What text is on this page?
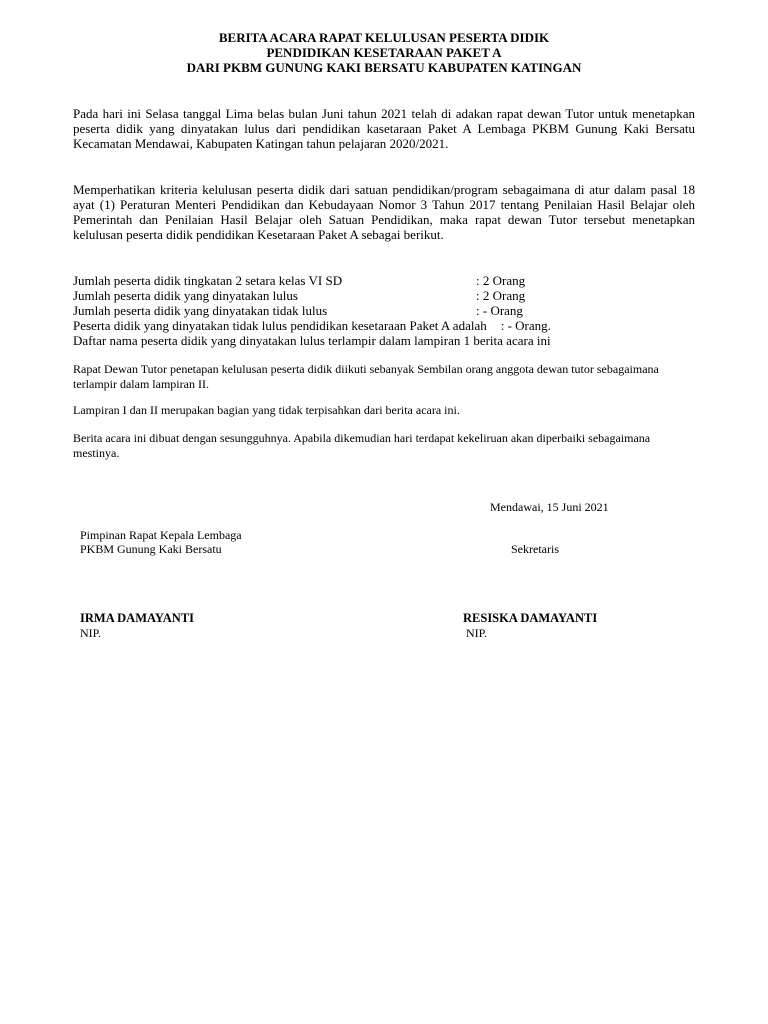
BERITA ACARA RAPAT KELULUSAN PESERTA DIDIK
PENDIDIKAN KESETARAAN PAKET A
DARI PKBM GUNUNG KAKI BERSATU KABUPATEN KATINGAN
Pada hari ini Selasa tanggal Lima belas bulan Juni tahun 2021 telah di adakan rapat dewan Tutor untuk menetapkan peserta didik yang dinyatakan lulus dari pendidikan kasetaraan Paket A Lembaga PKBM Gunung Kaki Bersatu Kecamatan Mendawai, Kabupaten Katingan tahun pelajaran 2020/2021.
Memperhatikan kriteria kelulusan peserta didik dari satuan pendidikan/program sebagaimana di atur dalam pasal 18 ayat (1) Peraturan Menteri Pendidikan dan Kebudayaan Nomor 3 Tahun 2017 tentang Penilaian Hasil Belajar oleh Pemerintah dan Penilaian Hasil Belajar oleh Satuan Pendidikan, maka rapat dewan Tutor tersebut menetapkan kelulusan peserta didik pendidikan Kesetaraan Paket A sebagai berikut.
Jumlah peserta didik tingkatan 2 setara kelas VI SD	: 2 Orang
Jumlah peserta didik yang dinyatakan lulus	: 2 Orang
Jumlah peserta didik yang dinyatakan tidak lulus	: - Orang
Peserta didik yang dinyatakan tidak lulus pendidikan kesetaraan Paket A adalah : - Orang.
Daftar nama peserta didik yang dinyatakan lulus terlampir dalam lampiran 1 berita acara ini
Rapat Dewan Tutor penetapan kelulusan peserta didik diikuti sebanyak Sembilan orang anggota dewan tutor sebagaimana terlampir dalam lampiran II.
Lampiran I dan II merupakan bagian yang tidak terpisahkan dari berita acara ini.
Berita acara ini dibuat dengan sesungguhnya. Apabila dikemudian hari terdapat kekeliruan akan diperbaiki sebagaimana mestinya.
Mendawai, 15 Juni 2021
Pimpinan Rapat Kepala Lembaga
PKBM Gunung Kaki Bersatu	Sekretaris
IRMA DAMAYANTI
NIP.
RESISKA DAMAYANTI
NIP.
